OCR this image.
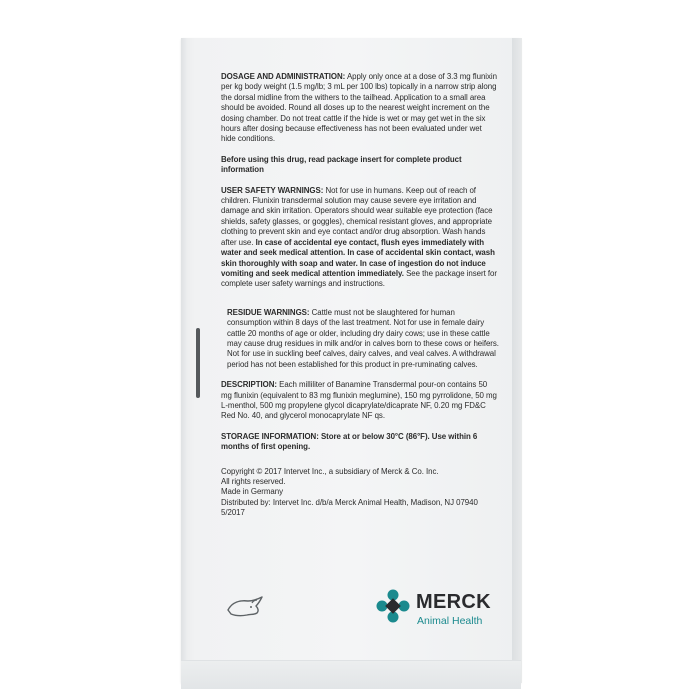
DOSAGE AND ADMINISTRATION: Apply only once at a dose of 3.3 mg flunixin per kg body weight (1.5 mg/lb; 3 mL per 100 lbs) topically in a narrow strip along the dorsal midline from the withers to the tailhead. Application to a small area should be avoided. Round all doses up to the nearest weight increment on the dosing chamber. Do not treat cattle if the hide is wet or may get wet in the six hours after dosing because effectiveness has not been evaluated under wet hide conditions.

Before using this drug, read package insert for complete product information

USER SAFETY WARNINGS: Not for use in humans. Keep out of reach of children. Flunixin transdermal solution may cause severe eye irritation and damage and skin irritation. Operators should wear suitable eye protection (face shields, safety glasses, or goggles), chemical resistant gloves, and appropriate clothing to prevent skin and eye contact and/or drug absorption. Wash hands after use. In case of accidental eye contact, flush eyes immediately with water and seek medical attention. In case of accidental skin contact, wash skin thoroughly with soap and water. In case of ingestion do not induce vomiting and seek medical attention immediately. See the package insert for complete user safety warnings and instructions.

RESIDUE WARNINGS: Cattle must not be slaughtered for human consumption within 8 days of the last treatment. Not for use in female dairy cattle 20 months of age or older, including dry dairy cows; use in these cattle may cause drug residues in milk and/or in calves born to these cows or heifers. Not for use in suckling beef calves, dairy calves, and veal calves. A withdrawal period has not been established for this product in pre-ruminating calves.

DESCRIPTION: Each milliliter of Banamine Transdermal pour-on contains 50 mg flunixin (equivalent to 83 mg flunixin meglumine), 150 mg pyrrolidone, 50 mg L-menthol, 500 mg propylene glycol dicaprylate/dicaprate NF, 0.20 mg FD&C Red No. 40, and glycerol monocaprylate NF qs.

STORAGE INFORMATION: Store at or below 30°C (86°F). Use within 6 months of first opening.

Copyright © 2017 Intervet Inc., a subsidiary of Merck & Co. Inc.
All rights reserved.
Made in Germany
Distributed by: Intervet Inc. d/b/a Merck Animal Health, Madison, NJ 07940
5/2017
MERCK
Animal Health
